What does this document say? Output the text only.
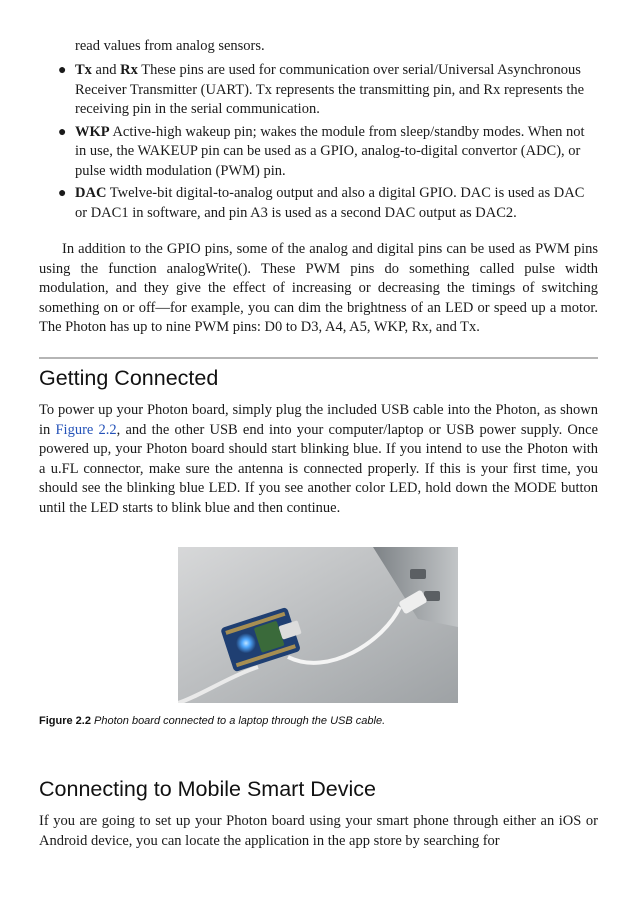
read values from analog sensors.
● Tx and Rx These pins are used for communication over serial/Universal Asynchronous Receiver Transmitter (UART). Tx represents the transmitting pin, and Rx represents the receiving pin in the serial communication.
● WKP Active-high wakeup pin; wakes the module from sleep/standby modes. When not in use, the WAKEUP pin can be used as a GPIO, analog-to-digital convertor (ADC), or pulse width modulation (PWM) pin.
● DAC Twelve-bit digital-to-analog output and also a digital GPIO. DAC is used as DAC or DAC1 in software, and pin A3 is used as a second DAC output as DAC2.

In addition to the GPIO pins, some of the analog and digital pins can be used as PWM pins using the function analogWrite(). These PWM pins do something called pulse width modulation, and they give the effect of increasing or decreasing the timings of switching something on or off—for example, you can dim the brightness of an LED or speed up a motor. The Photon has up to nine PWM pins: D0 to D3, A4, A5, WKP, Rx, and Tx.

Getting Connected

To power up your Photon board, simply plug the included USB cable into the Photon, as shown in Figure 2.2, and the other USB end into your computer/laptop or USB power supply. Once powered up, your Photon board should start blinking blue. If you intend to use the Photon with a u.FL connector, make sure the antenna is connected properly. If this is your first time, you should see the blinking blue LED. If you see another color LED, hold down the MODE button until the LED starts to blink blue and then continue.

Figure 2.2 Photon board connected to a laptop through the USB cable.
Connecting to Mobile Smart Device

If you are going to set up your Photon board using your smart phone through either an iOS or Android device, you can locate the application in the app store by searching for
